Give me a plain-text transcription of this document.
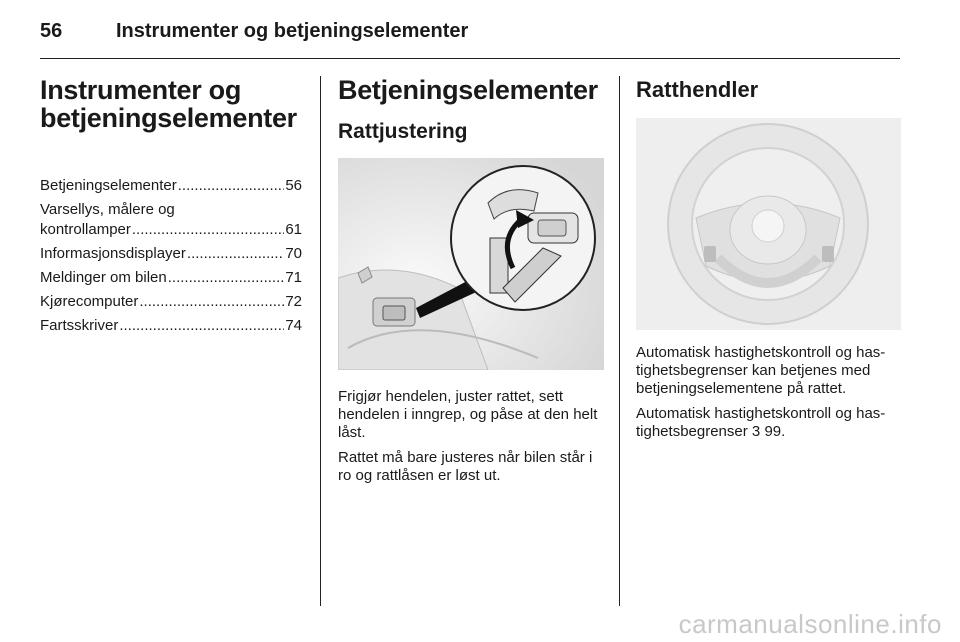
56	Instrumenter og betjeningselementer
Instrumenter og
betjeningselementer
Betjeningselementer .....	56
Varsellys, målere og
kontrollamper .....	61
Informasjonsdisplayer .....	70
Meldinger om bilen .....	71
Kjørecomputer .....	72
Fartsskriver .....	74
Betjeningselementer
Rattjustering

Frigjør hendelen, juster rattet, sett hendelen i inngrep, og påse at den helt låst.

Rattet må bare justeres når bilen står i ro og rattlåsen er løst ut.

Ratthendler

Automatisk hastighetskontroll og has-tighetsbegrenser kan betjenes med betjeningselementene på rattet.

Automatisk hastighetskontroll og has-tighetsbegrenser 3 99.

carmanualsonline.info
